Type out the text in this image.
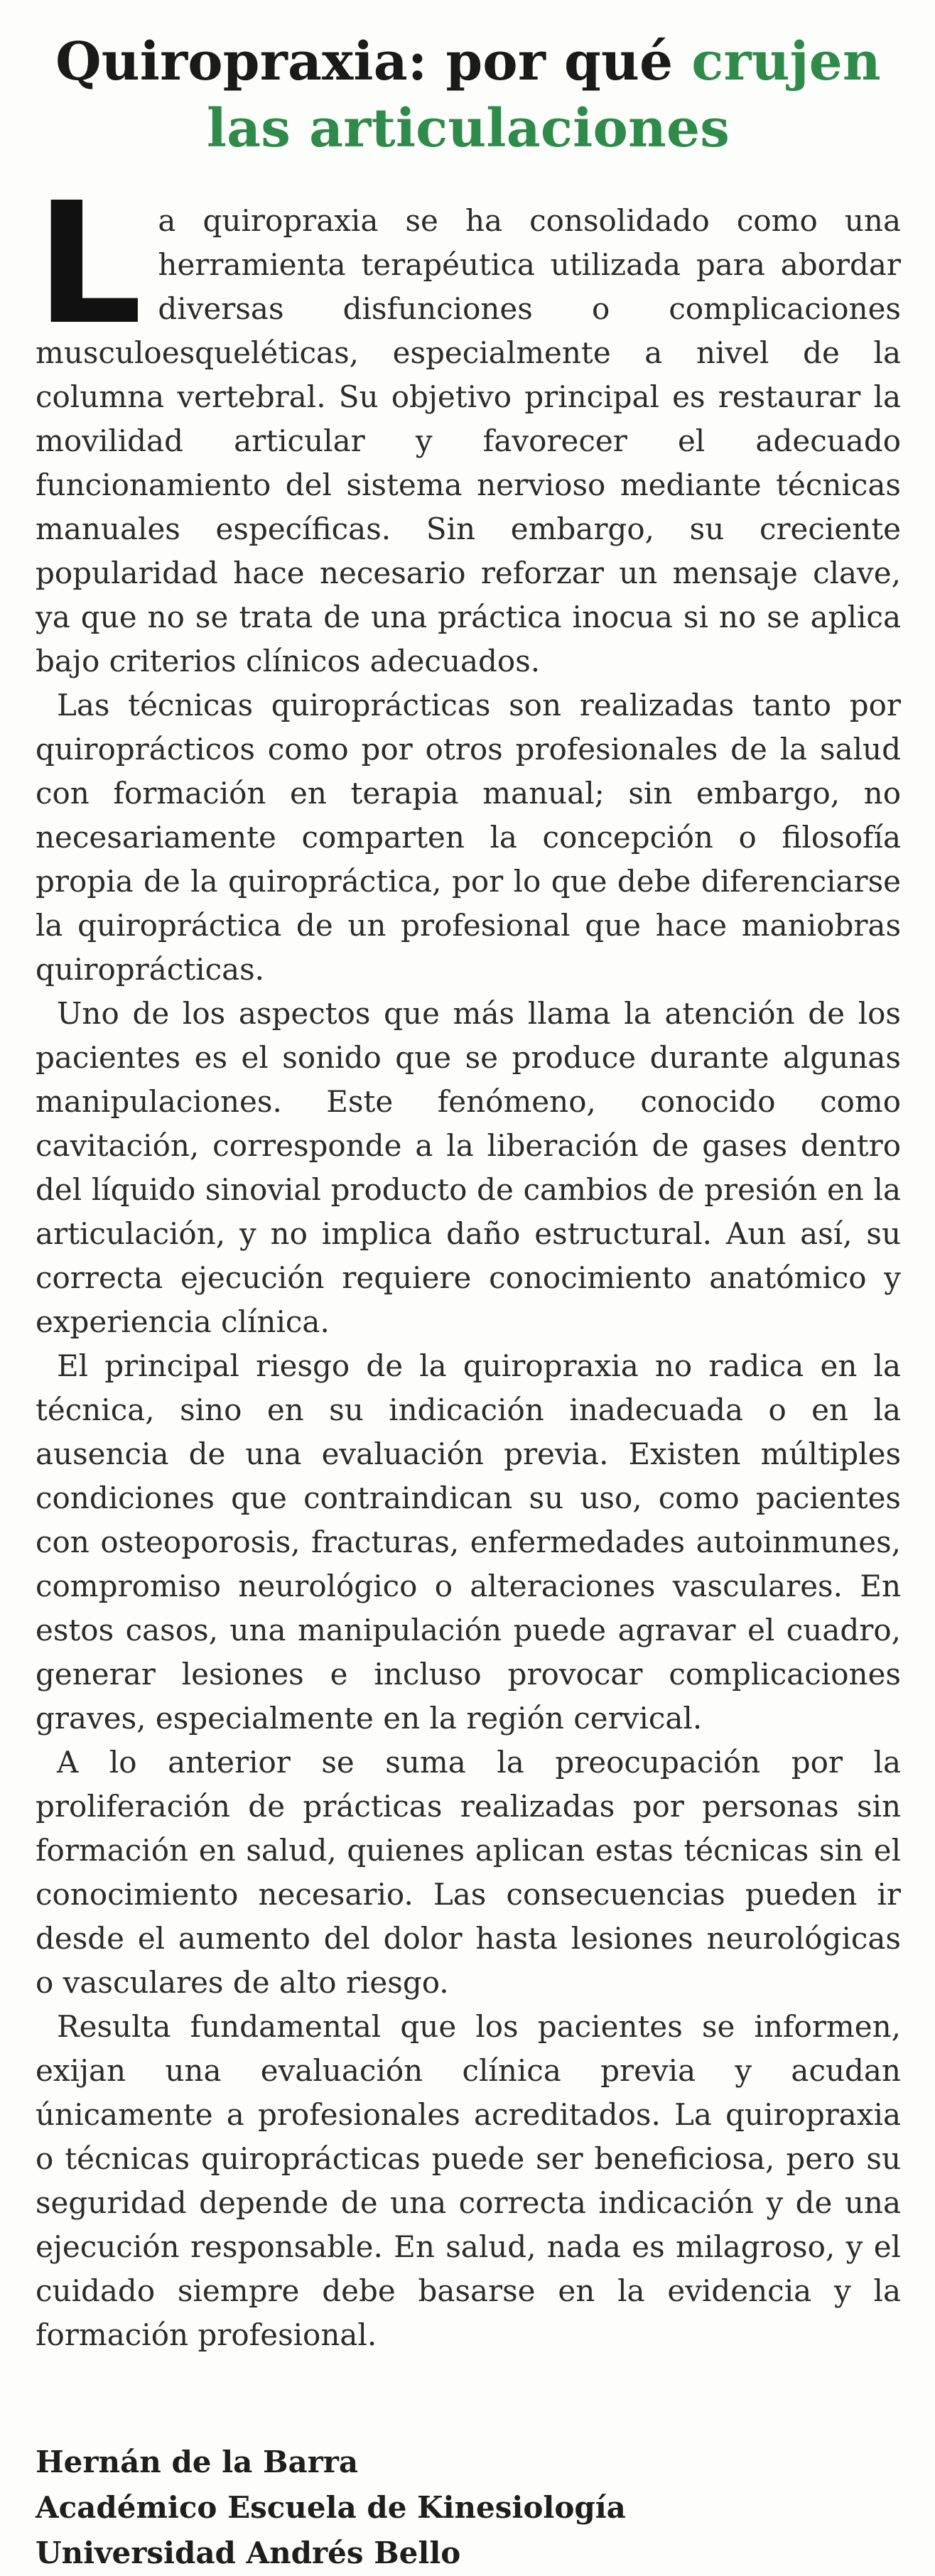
Quiropraxia: por qué crujen las articulaciones

La quiropraxia se ha consolidado como una herramienta terapéutica utilizada para abordar diversas disfunciones o complicaciones musculoesqueléticas, especialmente a nivel de la columna vertebral. Su objetivo principal es restaurar la movilidad articular y favorecer el adecuado funcionamiento del sistema nervioso mediante técnicas manuales específicas. Sin embargo, su creciente popularidad hace necesario reforzar un mensaje clave, ya que no se trata de una práctica inocua si no se aplica bajo criterios clínicos adecuados.

Las técnicas quiroprácticas son realizadas tanto por quiroprácticos como por otros profesionales de la salud con formación en terapia manual; sin embargo, no necesariamente comparten la concepción o filosofía propia de la quiropráctica, por lo que debe diferenciarse la quiropráctica de un profesional que hace maniobras quiroprácticas.

Uno de los aspectos que más llama la atención de los pacientes es el sonido que se produce durante algunas manipulaciones. Este fenómeno, conocido como cavitación, corresponde a la liberación de gases dentro del líquido sinovial producto de cambios de presión en la articulación, y no implica daño estructural. Aun así, su correcta ejecución requiere conocimiento anatómico y experiencia clínica.

El principal riesgo de la quiropraxia no radica en la técnica, sino en su indicación inadecuada o en la ausencia de una evaluación previa. Existen múltiples condiciones que contraindican su uso, como pacientes con osteoporosis, fracturas, enfermedades autoinmunes, compromiso neurológico o alteraciones vasculares. En estos casos, una manipulación puede agravar el cuadro, generar lesiones e incluso provocar complicaciones graves, especialmente en la región cervical.

A lo anterior se suma la preocupación por la proliferación de prácticas realizadas por personas sin formación en salud, quienes aplican estas técnicas sin el conocimiento necesario. Las consecuencias pueden ir desde el aumento del dolor hasta lesiones neurológicas o vasculares de alto riesgo.

Resulta fundamental que los pacientes se informen, exijan una evaluación clínica previa y acudan únicamente a profesionales acreditados. La quiropraxia o técnicas quiroprácticas puede ser beneficiosa, pero su seguridad depende de una correcta indicación y de una ejecución responsable. En salud, nada es milagroso, y el cuidado siempre debe basarse en la evidencia y la formación profesional.

Hernán de la Barra
Académico Escuela de Kinesiología
Universidad Andrés Bello
